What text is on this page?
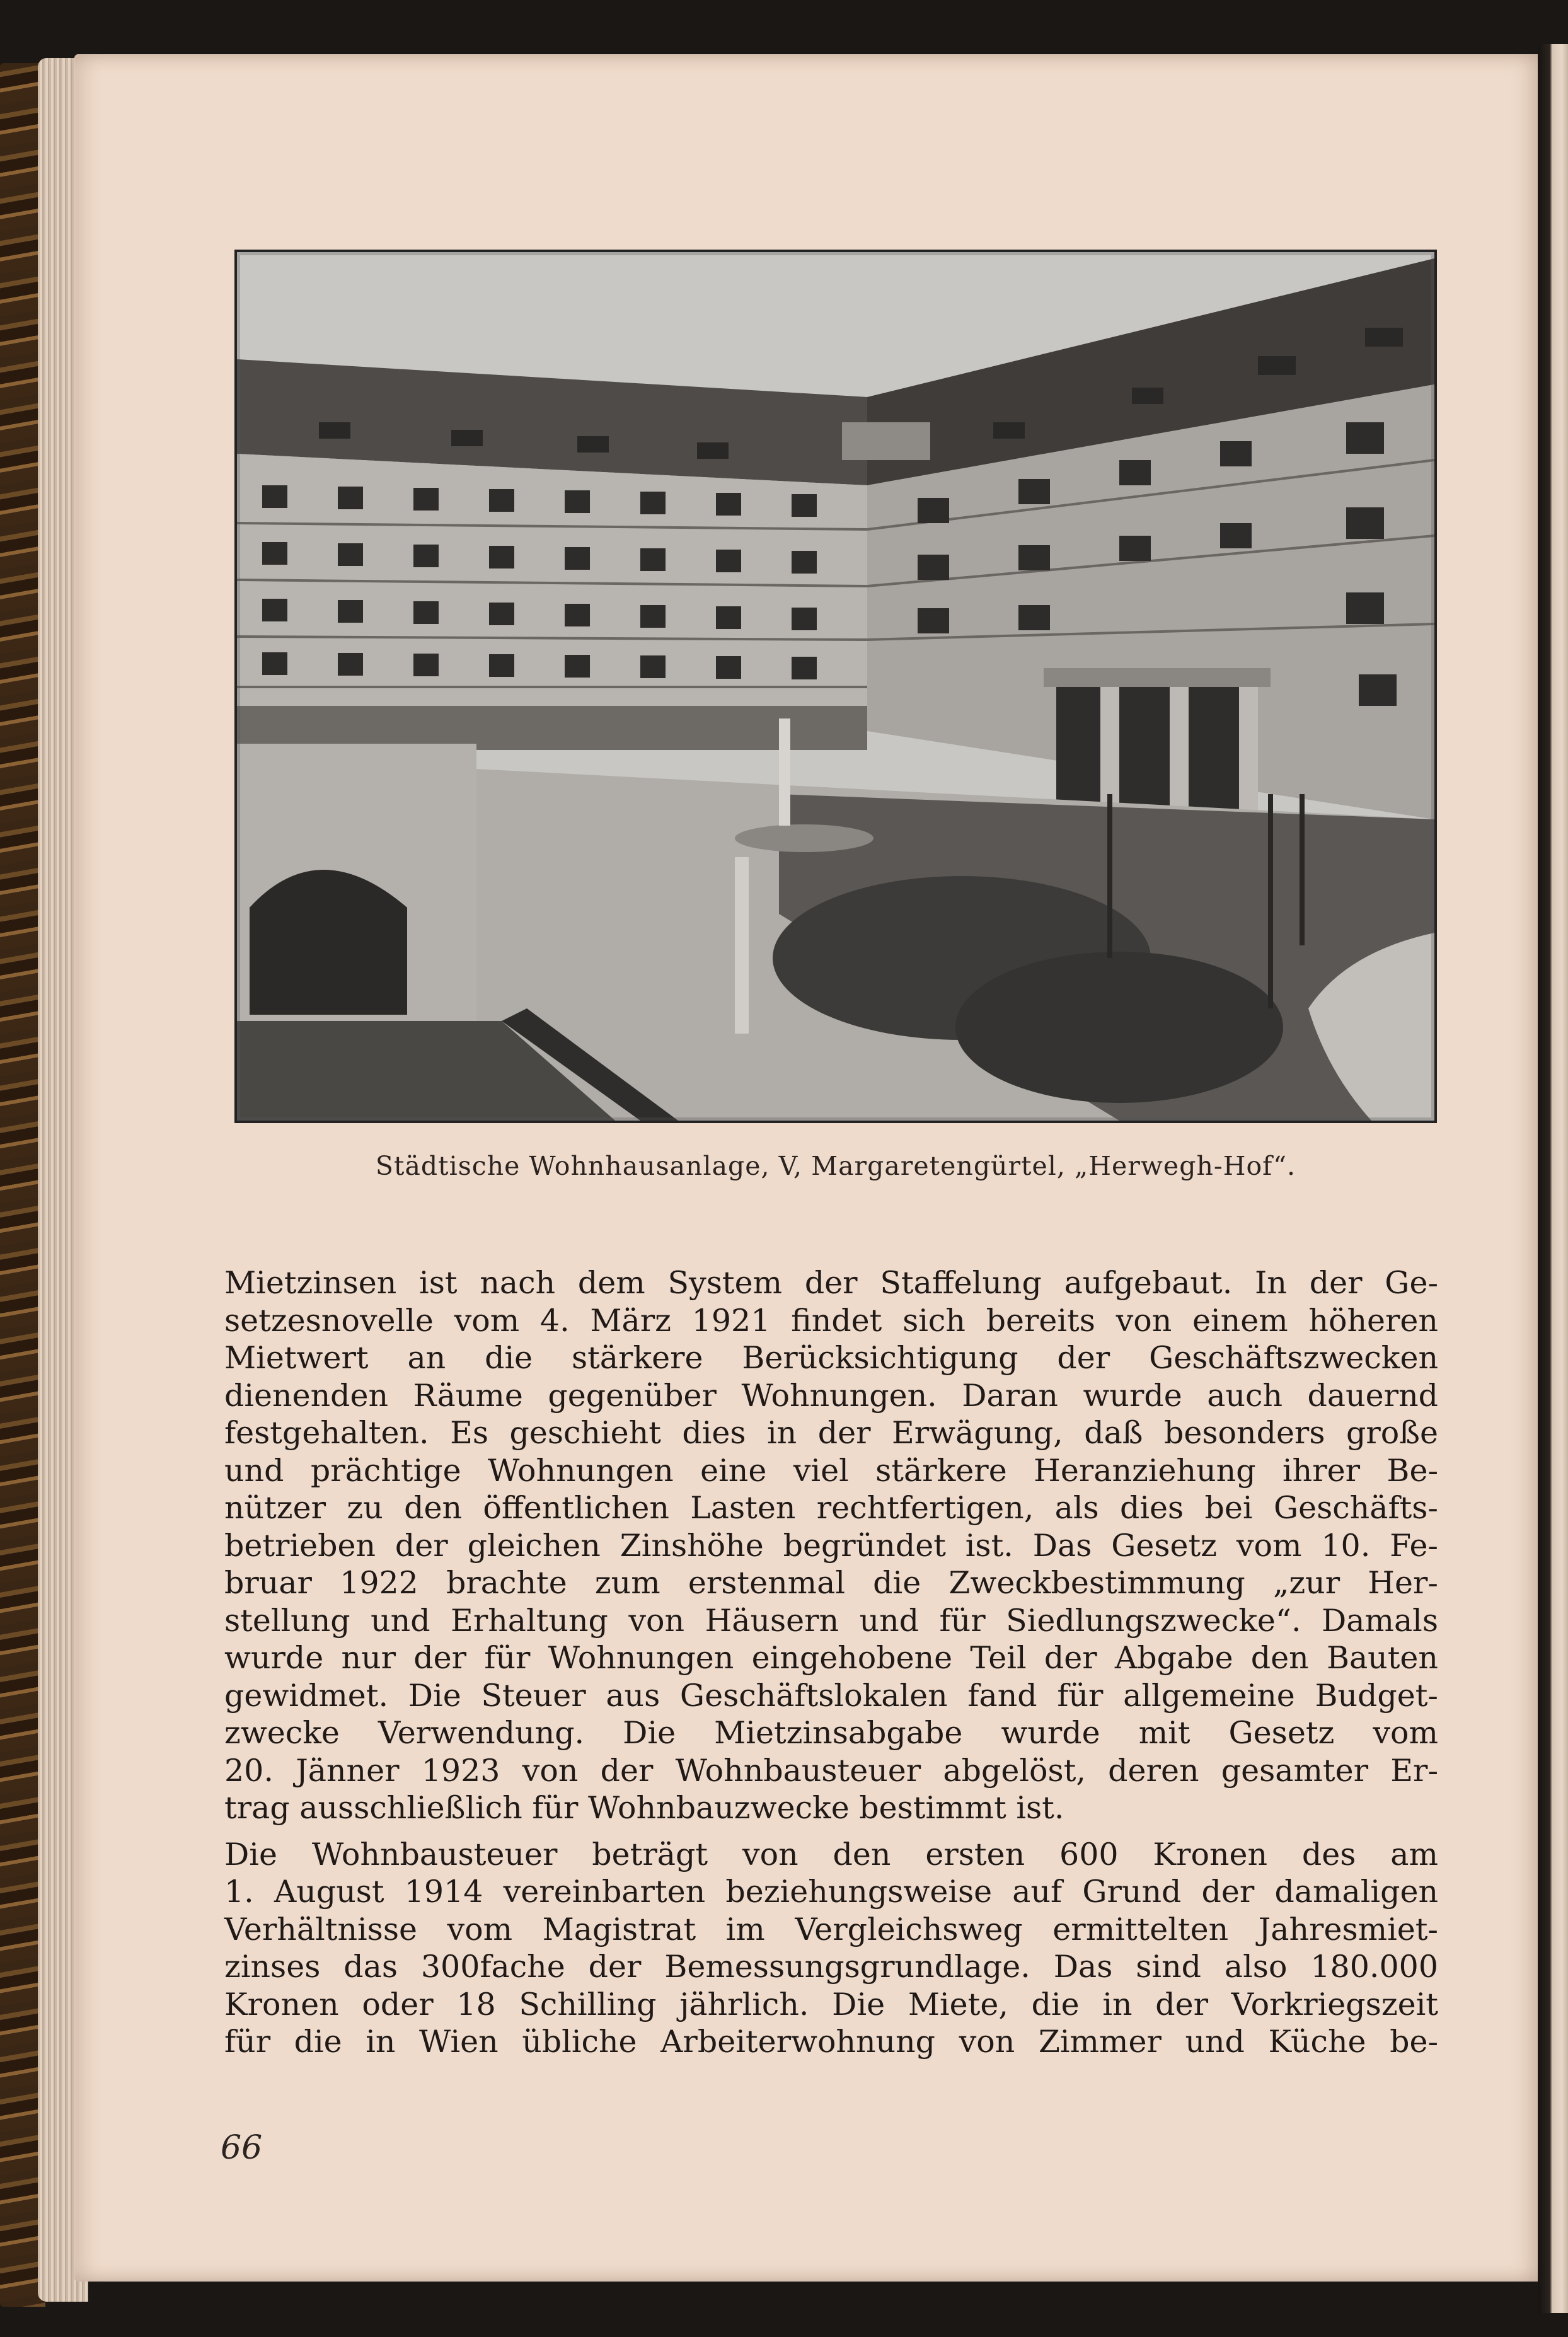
Städtische Wohnhausanlage, V, Margaretengürtel, „Herwegh-Hof“.
Mietzinsen ist nach dem System der Staffelung aufgebaut. In der Ge-
setzesnovelle vom 4. März 1921 findet sich bereits von einem höheren
Mietwert an die stärkere Berücksichtigung der Geschäftszwecken
dienenden Räume gegenüber Wohnungen. Daran wurde auch dauernd
festgehalten. Es geschieht dies in der Erwägung, daß besonders große
und prächtige Wohnungen eine viel stärkere Heranziehung ihrer Be-
nützer zu den öffentlichen Lasten rechtfertigen, als dies bei Geschäfts-
betrieben der gleichen Zinshöhe begründet ist. Das Gesetz vom 10. Fe-
bruar 1922 brachte zum erstenmal die Zweckbestimmung „zur Her-
stellung und Erhaltung von Häusern und für Siedlungszwecke“. Damals
wurde nur der für Wohnungen eingehobene Teil der Abgabe den Bauten
gewidmet. Die Steuer aus Geschäftslokalen fand für allgemeine Budget-
zwecke Verwendung. Die Mietzinsabgabe wurde mit Gesetz vom
20. Jänner 1923 von der Wohnbausteuer abgelöst, deren gesamter Er-
trag ausschließlich für Wohnbauzwecke bestimmt ist.
Die Wohnbausteuer beträgt von den ersten 600 Kronen des am
1. August 1914 vereinbarten beziehungsweise auf Grund der damaligen
Verhältnisse vom Magistrat im Vergleichsweg ermittelten Jahresmiet-
zinses das 300fache der Bemessungsgrundlage. Das sind also 180.000
Kronen oder 18 Schilling jährlich. Die Miete, die in der Vorkriegszeit
für die in Wien übliche Arbeiterwohnung von Zimmer und Küche be-
66
